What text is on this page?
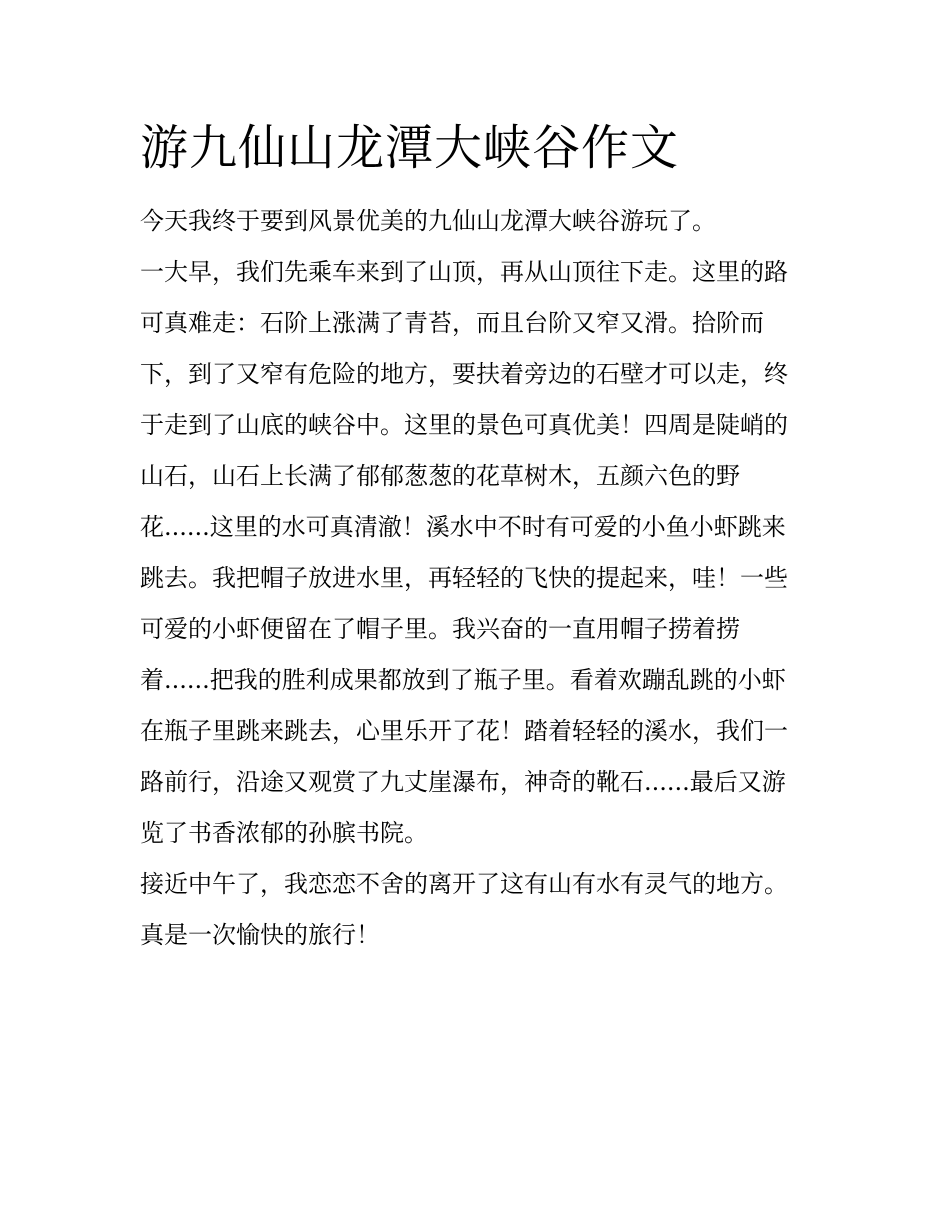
游九仙山龙潭大峡谷作文

今天我终于要到风景优美的九仙山龙潭大峡谷游玩了。

一大早，我们先乘车来到了山顶，再从山顶往下走。这里的路

可真难走：石阶上涨满了青苔，而且台阶又窄又滑。拾阶而

下，到了又窄有危险的地方，要扶着旁边的石壁才可以走，终

于走到了山底的峡谷中。这里的景色可真优美！四周是陡峭的

山石，山石上长满了郁郁葱葱的花草树木，五颜六色的野

花......这里的水可真清澈！溪水中不时有可爱的小鱼小虾跳来

跳去。我把帽子放进水里，再轻轻的飞快的提起来，哇！一些

可爱的小虾便留在了帽子里。我兴奋的一直用帽子捞着捞

着......把我的胜利成果都放到了瓶子里。看着欢蹦乱跳的小虾

在瓶子里跳来跳去，心里乐开了花！踏着轻轻的溪水，我们一

路前行，沿途又观赏了九丈崖瀑布，神奇的靴石......最后又游

览了书香浓郁的孙膑书院。

接近中午了，我恋恋不舍的离开了这有山有水有灵气的地方。

真是一次愉快的旅行！
